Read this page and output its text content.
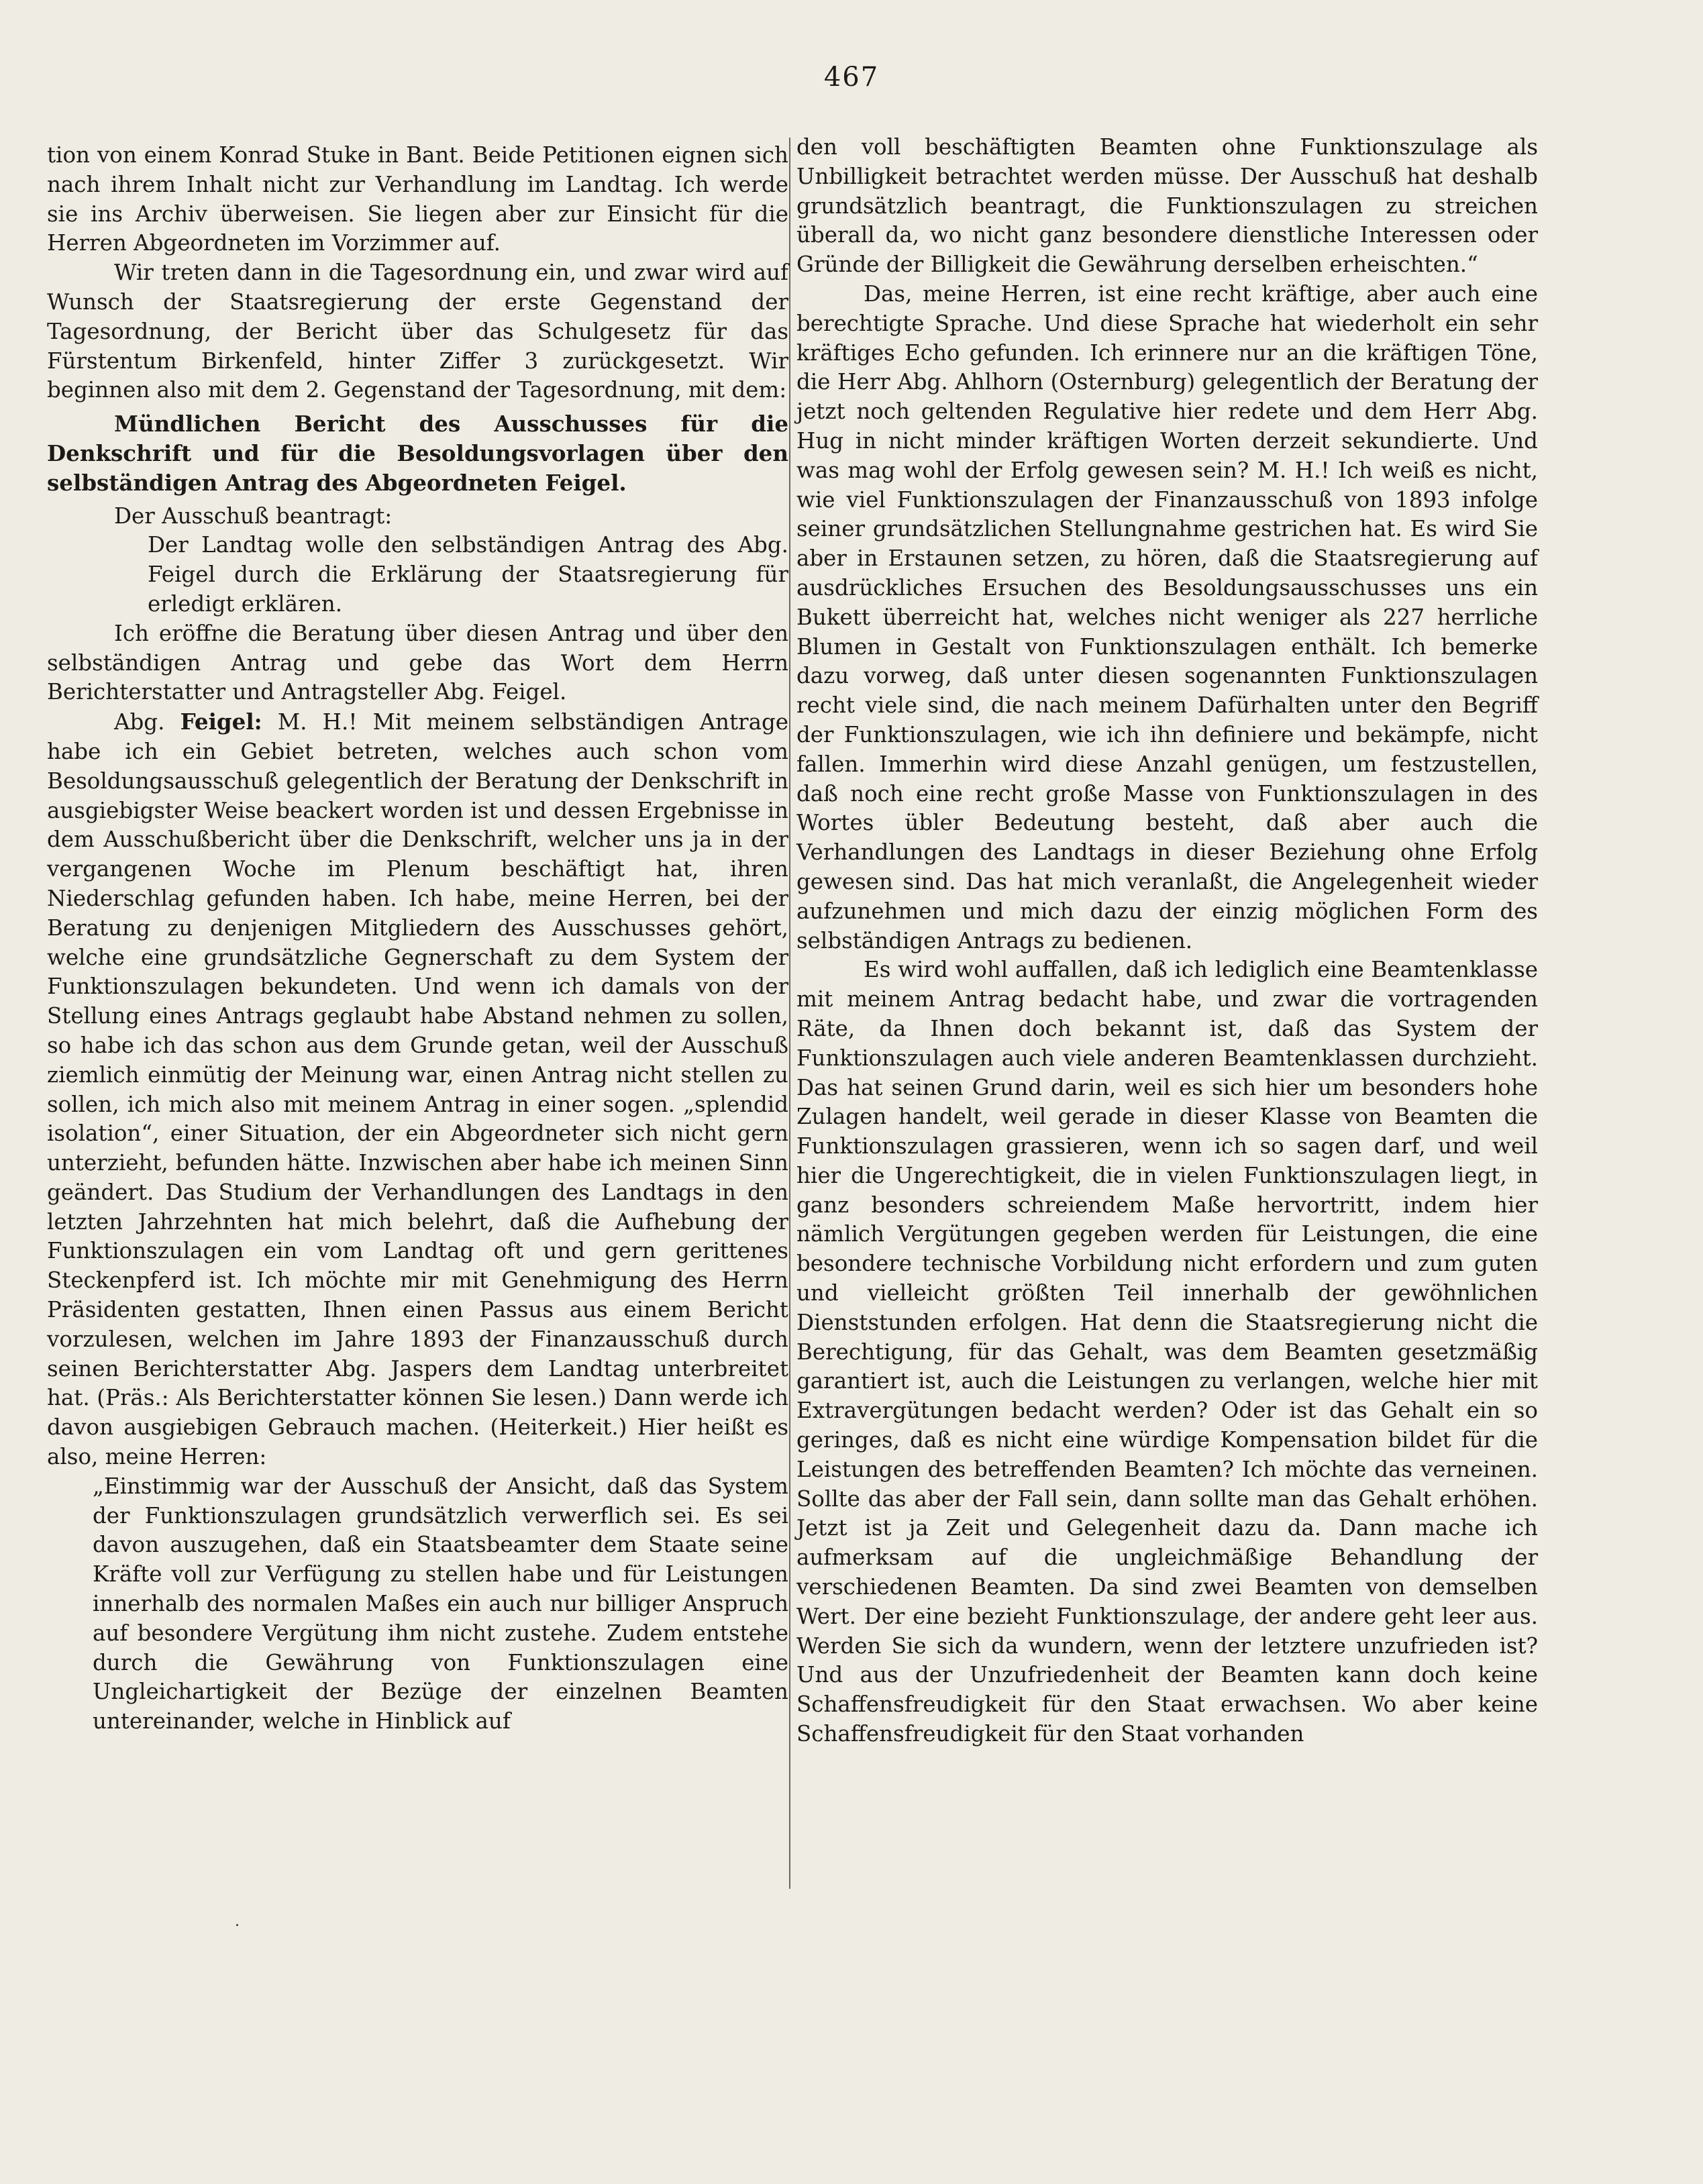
467

tion von einem Konrad Stuke in Bant. Beide Petitionen eignen sich nach ihrem Inhalt nicht zur Verhandlung im Landtag. Ich werde sie ins Archiv überweisen. Sie liegen aber zur Einsicht für die Herren Abgeordneten im Vorzimmer auf.

Wir treten dann in die Tagesordnung ein, und zwar wird auf Wunsch der Staatsregierung der erste Gegenstand der Tagesordnung, der Bericht über das Schulgesetz für das Fürstentum Birkenfeld, hinter Ziffer 3 zurückgesetzt. Wir beginnen also mit dem 2. Gegenstand der Tagesordnung, mit dem:

Mündlichen Bericht des Ausschusses für die Denkschrift und für die Besoldungsvorlagen über den selbständigen Antrag des Abgeordneten Feigel.

Der Ausschuß beantragt:

Der Landtag wolle den selbständigen Antrag des Abg. Feigel durch die Erklärung der Staatsregierung für erledigt erklären.

Ich eröffne die Beratung über diesen Antrag und über den selbständigen Antrag und gebe das Wort dem Herrn Berichterstatter und Antragsteller Abg. Feigel.

Abg. Feigel: M. H.! Mit meinem selbständigen Antrage habe ich ein Gebiet betreten, welches auch schon vom Besoldungsausschuß gelegentlich der Beratung der Denkschrift in ausgiebigster Weise beackert worden ist und dessen Ergebnisse in dem Ausschußbericht über die Denkschrift, welcher uns ja in der vergangenen Woche im Plenum beschäftigt hat, ihren Niederschlag gefunden haben. Ich habe, meine Herren, bei der Beratung zu denjenigen Mitgliedern des Ausschusses gehört, welche eine grundsätzliche Gegnerschaft zu dem System der Funktionszulagen bekundeten. Und wenn ich damals von der Stellung eines Antrags geglaubt habe Abstand nehmen zu sollen, so habe ich das schon aus dem Grunde getan, weil der Ausschuß ziemlich einmütig der Meinung war, einen Antrag nicht stellen zu sollen, ich mich also mit meinem Antrag in einer sogen. „splendid isolation“, einer Situation, der ein Abgeordneter sich nicht gern unterzieht, befunden hätte. Inzwischen aber habe ich meinen Sinn geändert. Das Studium der Verhandlungen des Landtags in den letzten Jahrzehnten hat mich belehrt, daß die Aufhebung der Funktionszulagen ein vom Landtag oft und gern gerittenes Steckenpferd ist. Ich möchte mir mit Genehmigung des Herrn Präsidenten gestatten, Ihnen einen Passus aus einem Bericht vorzulesen, welchen im Jahre 1893 der Finanzausschuß durch seinen Berichterstatter Abg. Jaspers dem Landtag unterbreitet hat. (Präs.: Als Berichterstatter können Sie lesen.) Dann werde ich davon ausgiebigen Gebrauch machen. (Heiterkeit.) Hier heißt es also, meine Herren:

„Einstimmig war der Ausschuß der Ansicht, daß das System der Funktionszulagen grundsätzlich verwerflich sei. Es sei davon auszugehen, daß ein Staatsbeamter dem Staate seine Kräfte voll zur Verfügung zu stellen habe und für Leistungen innerhalb des normalen Maßes ein auch nur billiger Anspruch auf besondere Vergütung ihm nicht zustehe. Zudem entstehe durch die Gewährung von Funktionszulagen eine Ungleichartigkeit der Bezüge der einzelnen Beamten untereinander, welche in Hinblick auf

den voll beschäftigten Beamten ohne Funktionszulage als Unbilligkeit betrachtet werden müsse. Der Ausschuß hat deshalb grundsätzlich beantragt, die Funktionszulagen zu streichen überall da, wo nicht ganz besondere dienstliche Interessen oder Gründe der Billigkeit die Gewährung derselben erheischten.“

Das, meine Herren, ist eine recht kräftige, aber auch eine berechtigte Sprache. Und diese Sprache hat wiederholt ein sehr kräftiges Echo gefunden. Ich erinnere nur an die kräftigen Töne, die Herr Abg. Ahlhorn (Osternburg) gelegentlich der Beratung der jetzt noch geltenden Regulative hier redete und dem Herr Abg. Hug in nicht minder kräftigen Worten derzeit sekundierte. Und was mag wohl der Erfolg gewesen sein? M. H.! Ich weiß es nicht, wie viel Funktionszulagen der Finanzausschuß von 1893 infolge seiner grundsätzlichen Stellungnahme gestrichen hat. Es wird Sie aber in Erstaunen setzen, zu hören, daß die Staatsregierung auf ausdrückliches Ersuchen des Besoldungsausschusses uns ein Bukett überreicht hat, welches nicht weniger als 227 herrliche Blumen in Gestalt von Funktionszulagen enthält. Ich bemerke dazu vorweg, daß unter diesen sogenannten Funktionszulagen recht viele sind, die nach meinem Dafürhalten unter den Begriff der Funktionszulagen, wie ich ihn definiere und bekämpfe, nicht fallen. Immerhin wird diese Anzahl genügen, um festzustellen, daß noch eine recht große Masse von Funktionszulagen in des Wortes übler Bedeutung besteht, daß aber auch die Verhandlungen des Landtags in dieser Beziehung ohne Erfolg gewesen sind. Das hat mich veranlaßt, die Angelegenheit wieder aufzunehmen und mich dazu der einzig möglichen Form des selbständigen Antrags zu bedienen.

Es wird wohl auffallen, daß ich lediglich eine Beamtenklasse mit meinem Antrag bedacht habe, und zwar die vortragenden Räte, da Ihnen doch bekannt ist, daß das System der Funktionszulagen auch viele anderen Beamtenklassen durchzieht. Das hat seinen Grund darin, weil es sich hier um besonders hohe Zulagen handelt, weil gerade in dieser Klasse von Beamten die Funktionszulagen grassieren, wenn ich so sagen darf, und weil hier die Ungerechtigkeit, die in vielen Funktionszulagen liegt, in ganz besonders schreiendem Maße hervortritt, indem hier nämlich Vergütungen gegeben werden für Leistungen, die eine besondere technische Vorbildung nicht erfordern und zum guten und vielleicht größten Teil innerhalb der gewöhnlichen Dienststunden erfolgen. Hat denn die Staatsregierung nicht die Berechtigung, für das Gehalt, was dem Beamten gesetzmäßig garantiert ist, auch die Leistungen zu verlangen, welche hier mit Extravergütungen bedacht werden? Oder ist das Gehalt ein so geringes, daß es nicht eine würdige Kompensation bildet für die Leistungen des betreffenden Beamten? Ich möchte das verneinen. Sollte das aber der Fall sein, dann sollte man das Gehalt erhöhen. Jetzt ist ja Zeit und Gelegenheit dazu da. Dann mache ich aufmerksam auf die ungleichmäßige Behandlung der verschiedenen Beamten. Da sind zwei Beamten von demselben Wert. Der eine bezieht Funktionszulage, der andere geht leer aus. Werden Sie sich da wundern, wenn der letztere unzufrieden ist? Und aus der Unzufriedenheit der Beamten kann doch keine Schaffensfreudigkeit für den Staat erwachsen. Wo aber keine Schaffensfreudigkeit für den Staat vorhanden

·
